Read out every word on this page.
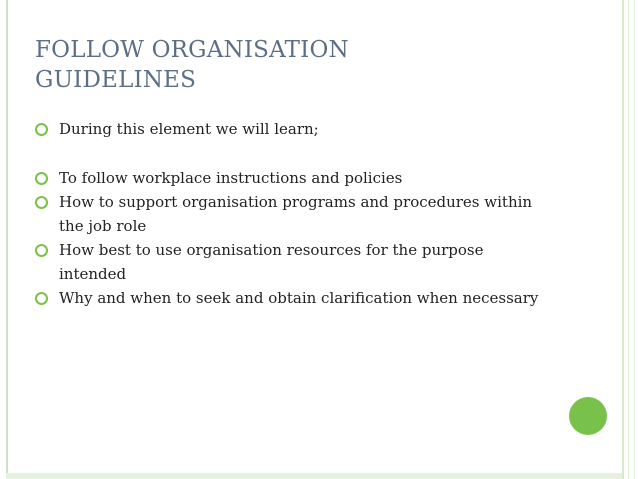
FOLLOW ORGANISATION GUIDELINES
During this element we will learn;
To follow workplace instructions and policies
How to support organisation programs and procedures within the job role
How best to use organisation resources for the purpose intended
Why and when to seek and obtain clarification when necessary
